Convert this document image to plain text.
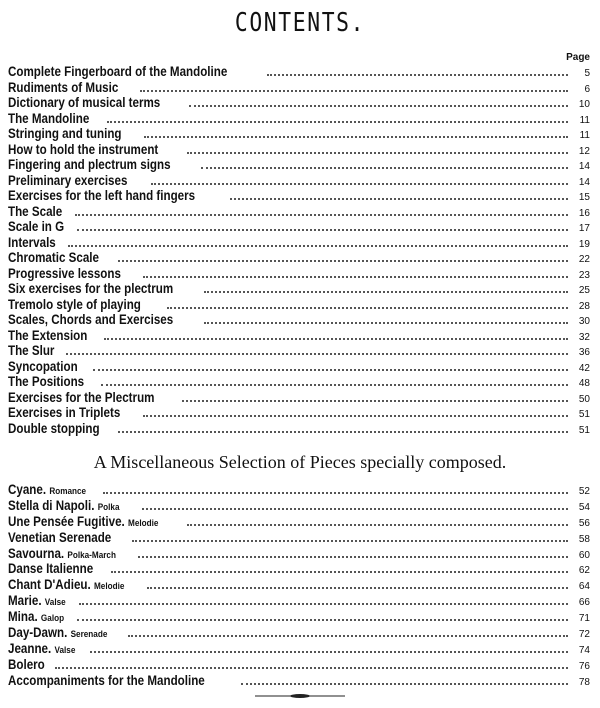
CONTENTS.
Page
Complete Fingerboard of the Mandoline	5
Rudiments of Music	6
Dictionary of musical terms	10
The Mandoline	11
Stringing and tuning	11
How to hold the instrument	12
Fingering and plectrum signs	14
Preliminary exercises	14
Exercises for the left hand fingers	15
The Scale	16
Scale in G	17
Intervals	19
Chromatic Scale	22
Progressive lessons	23
Six exercises for the plectrum	25
Tremolo style of playing	28
Scales, Chords and Exercises	30
The Extension	32
The Slur	36
Syncopation	42
The Positions	48
Exercises for the Plectrum	50
Exercises in Triplets	51
Double stopping	51
A Miscellaneous Selection of Pieces specially composed.
Cyane. Romance	52
Stella di Napoli. Polka	54
Une Pensée Fugitive. Melodie	56
Venetian Serenade	58
Savourna. Polka-March	60
Danse Italienne	62
Chant D'Adieu. Melodie	64
Marie. Valse	66
Mina. Galop	71
Day-Dawn. Serenade	72
Jeanne. Valse	74
Bolero	76
Accompaniments for the Mandoline	78
